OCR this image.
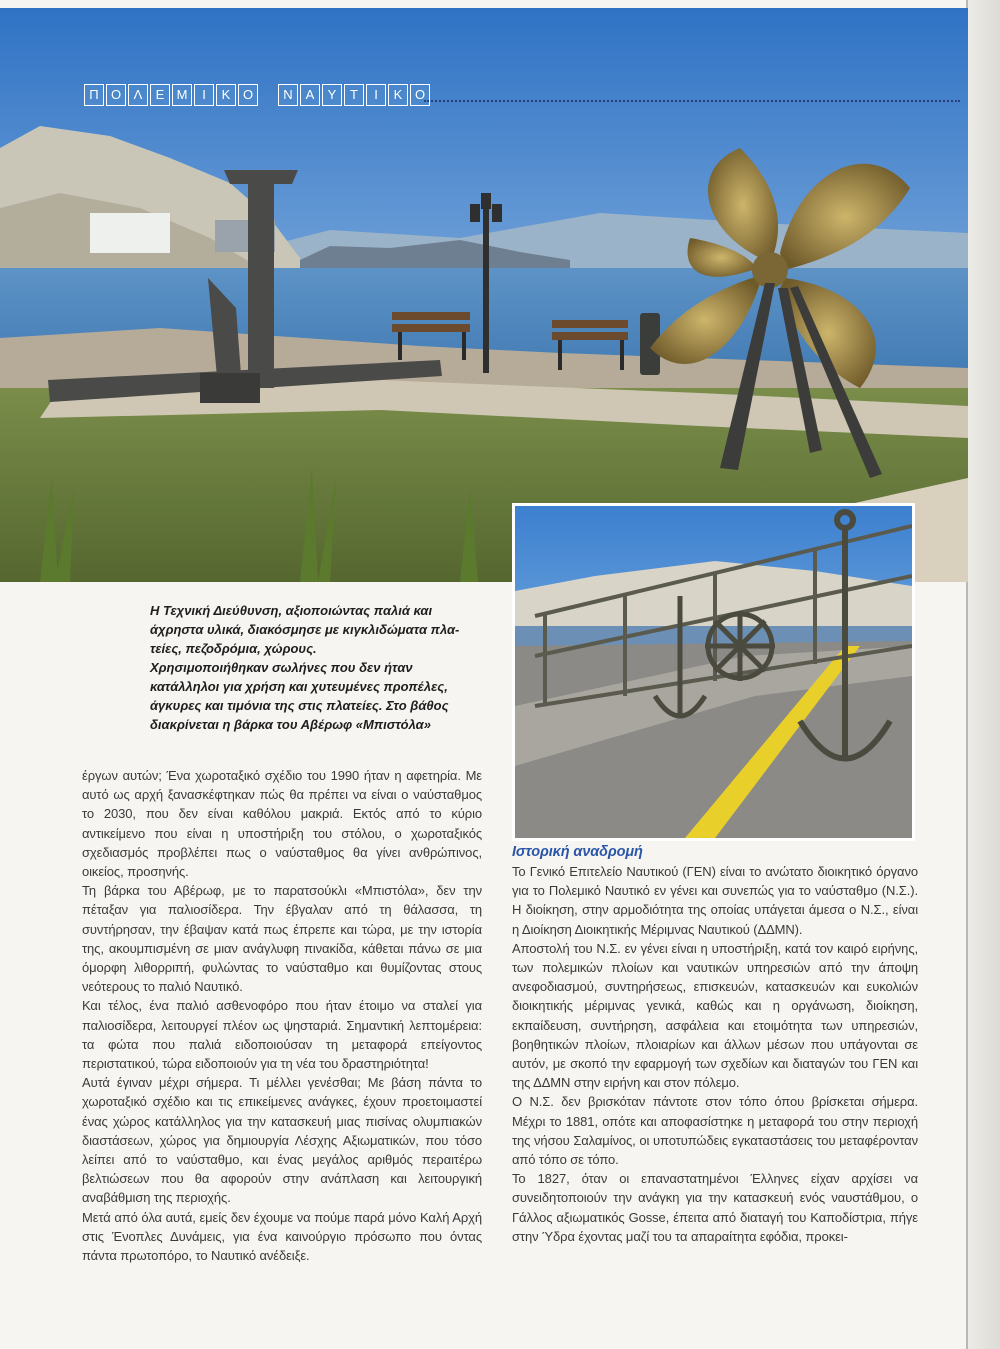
Π Ο Λ	Ε Μ	Ι	Κ Ο	Ν Α	Υ	Τ	Ι	Κ Ο
Η Τεχνική Διεύθυνση, αξιοποιώντας παλιά και
άχρηστα υλικά, διακόσμησε με κιγκλιδώματα πλα-
τείες, πεζοδρόμια, χώρους.
Χρησιμοποιήθηκαν σωλήνες που δεν ήταν
κατάλληλοι για χρήση και χυτευμένες προπέλες,
άγκυρες και τιμόνια της στις πλατείες. Στο βάθος
διακρίνεται η βάρκα του Αβέρωφ «Μπιστόλα»

έργων αυτών; Ένα χωροταξικό σχέδιο του 1990 ήταν η αφετηρία. Με αυτό ως αρχή ξανασκέφτηκαν πώς θα πρέπει να είναι ο ναύσταθμος το 2030, που δεν είναι καθόλου μακριά. Εκτός από το κύριο αντικείμενο που είναι η υποστήριξη του στόλου, ο χωροταξικός σχεδιασμός προβλέπει πως ο ναύσταθμος θα γίνει ανθρώπινος, οικείος, προσηνής.

Τη βάρκα του Αβέρωφ, με το παρατσούκλι «Μπιστόλα», δεν την πέταξαν για παλιοσίδερα. Την έβγαλαν από τη θάλασσα, τη συντήρησαν, την έβαψαν κατά πως έπρεπε και τώρα, με την ιστορία της, ακουμπισμένη σε μιαν ανάγλυφη πινακίδα, κάθεται πάνω σε μια όμορφη λιθορριπή, φυλώντας το ναύσταθμο και θυμίζοντας στους νεότερους το παλιό Ναυτικό.

Και τέλος, ένα παλιό ασθενοφόρο που ήταν έτοιμο να σταλεί για παλιοσίδερα, λειτουργεί πλέον ως ψησταριά. Σημαντική λεπτομέρεια: τα φώτα που παλιά ειδοποιούσαν τη μεταφορά επείγοντος περιστατικού, τώρα ειδοποιούν για τη νέα του δραστηριότητα!

Αυτά έγιναν μέχρι σήμερα. Τι μέλλει γενέσθαι; Με βάση πάντα το χωροταξικό σχέδιο και τις επικείμενες ανάγκες, έχουν προετοιμαστεί ένας χώρος κατάλληλος για την κατασκευή μιας πισίνας ολυμπιακών διαστάσεων, χώρος για δημιουργία Λέσχης Αξιωματικών, που τόσο λείπει από το ναύσταθμο, και ένας μεγάλος αριθμός περαιτέρω βελτιώσεων που θα αφορούν στην ανάπλαση και λειτουργική αναβάθμιση της περιοχής.

Μετά από όλα αυτά, εμείς δεν έχουμε να πούμε παρά μόνο Καλή Αρχή στις Ένοπλες Δυνάμεις, για ένα καινούργιο πρόσωπο που όντας πάντα πρωτοπόρο, το Ναυτικό ανέδειξε.

Ιστορική αναδρομή

Το Γενικό Επιτελείο Ναυτικού (ΓΕΝ) είναι το ανώτατο διοικητικό όργανο για το Πολεμικό Ναυτικό εν γένει και συνεπώς για το ναύσταθμο (Ν.Σ.). Η διοίκηση, στην αρμοδιότητα της οποίας υπάγεται άμεσα ο Ν.Σ., είναι η Διοίκηση Διοικητικής Μέριμνας Ναυτικού (ΔΔΜΝ).

Αποστολή του Ν.Σ. εν γένει είναι η υποστήριξη, κατά τον καιρό ειρήνης, των πολεμικών πλοίων και ναυτικών υπηρεσιών από την άποψη ανεφοδιασμού, συντηρήσεως, επισκευών, κατασκευών και ευκολιών διοικητικής μέριμνας γενικά, καθώς και η οργάνωση, διοίκηση, εκπαίδευση, συντήρηση, ασφάλεια και ετοιμότητα των υπηρεσιών, βοηθητικών πλοίων, πλοιαρίων και άλλων μέσων που υπάγονται σε αυτόν, με σκοπό την εφαρμογή των σχεδίων και διαταγών του ΓΕΝ και της ΔΔΜΝ στην ειρήνη και στον πόλεμο.

Ο Ν.Σ. δεν βρισκόταν πάντοτε στον τόπο όπου βρίσκεται σήμερα. Μέχρι το 1881, οπότε και αποφασίστηκε η μεταφορά του στην περιοχή της νήσου Σαλαμίνος, οι υποτυπώδεις εγκαταστάσεις του μεταφέρονταν από τόπο σε τόπο.

Το 1827, όταν οι επαναστατημένοι Έλληνες είχαν αρχίσει να συνειδητοποιούν την ανάγκη για την κατασκευή ενός ναυστάθμου, ο Γάλλος αξιωματικός Gosse, έπειτα από διαταγή του Καποδίστρια, πήγε στην Ύδρα έχοντας μαζί του τα απαραίτητα εφόδια, προκει-
